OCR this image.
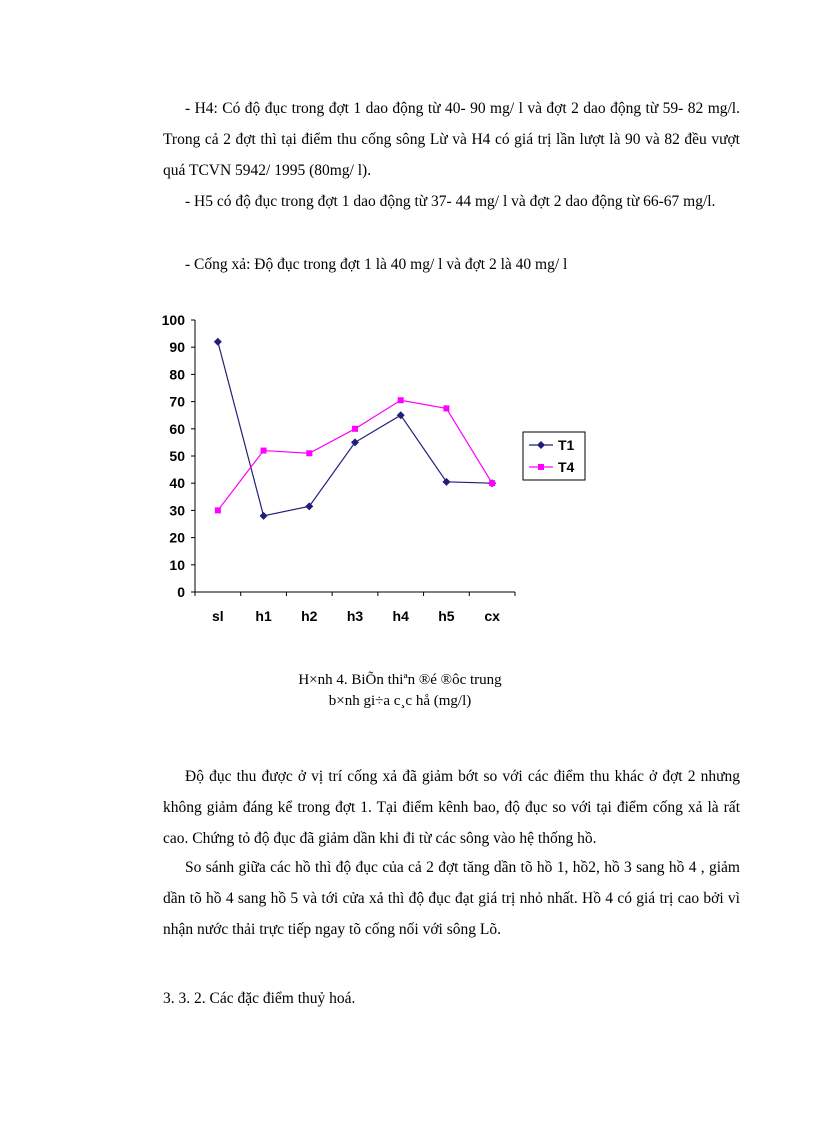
- H4: Có độ đục trong đợt 1 dao động từ 40- 90 mg/ l và đợt 2 dao động từ 59- 82 mg/l. Trong cả 2 đợt thì tại điểm thu cống sông Lừ và H4 có giá trị lần lượt là 90 và 82 đều vượt quá TCVN 5942/ 1995 (80mg/ l).

- H5 có độ đục trong đợt 1 dao động từ 37- 44 mg/ l và đợt 2 dao động từ 66-67 mg/l.

- Cống xả: Độ đục trong đợt 1 là 40 mg/ l và đợt 2 là 40 mg/ l

0
10
20
30
40
50
60
70
80
90
100
sl h1 h2 h3 h4 h5 cx
T1
T4

H×nh 4. BiÕn thiªn ®é ®ôc trung

b×nh gi÷a c¸c hå (mg/l)

Độ đục thu được ở vị trí cống xả đã giảm bớt so với các điểm thu khác ở đợt 2 nhưng không giảm đáng kể trong đợt 1. Tại điểm kênh bao, độ đục so với tại điểm cống xả là rất cao. Chứng tỏ độ đục đã giảm dần khi đi từ các sông vào hệ thống hồ.

So sánh giữa các hồ thì độ đục của cả 2 đợt tăng dần tõ hồ 1, hồ2, hồ 3 sang hồ 4 , giảm dần tõ hồ 4 sang hồ 5 và tới cửa xả thì độ đục đạt giá trị nhỏ nhất. Hồ 4 có giá trị cao bởi vì nhận nước thải trực tiếp ngay tõ cống nối với sông Lõ.

3. 3. 2. Các đặc điểm thuỷ hoá.
